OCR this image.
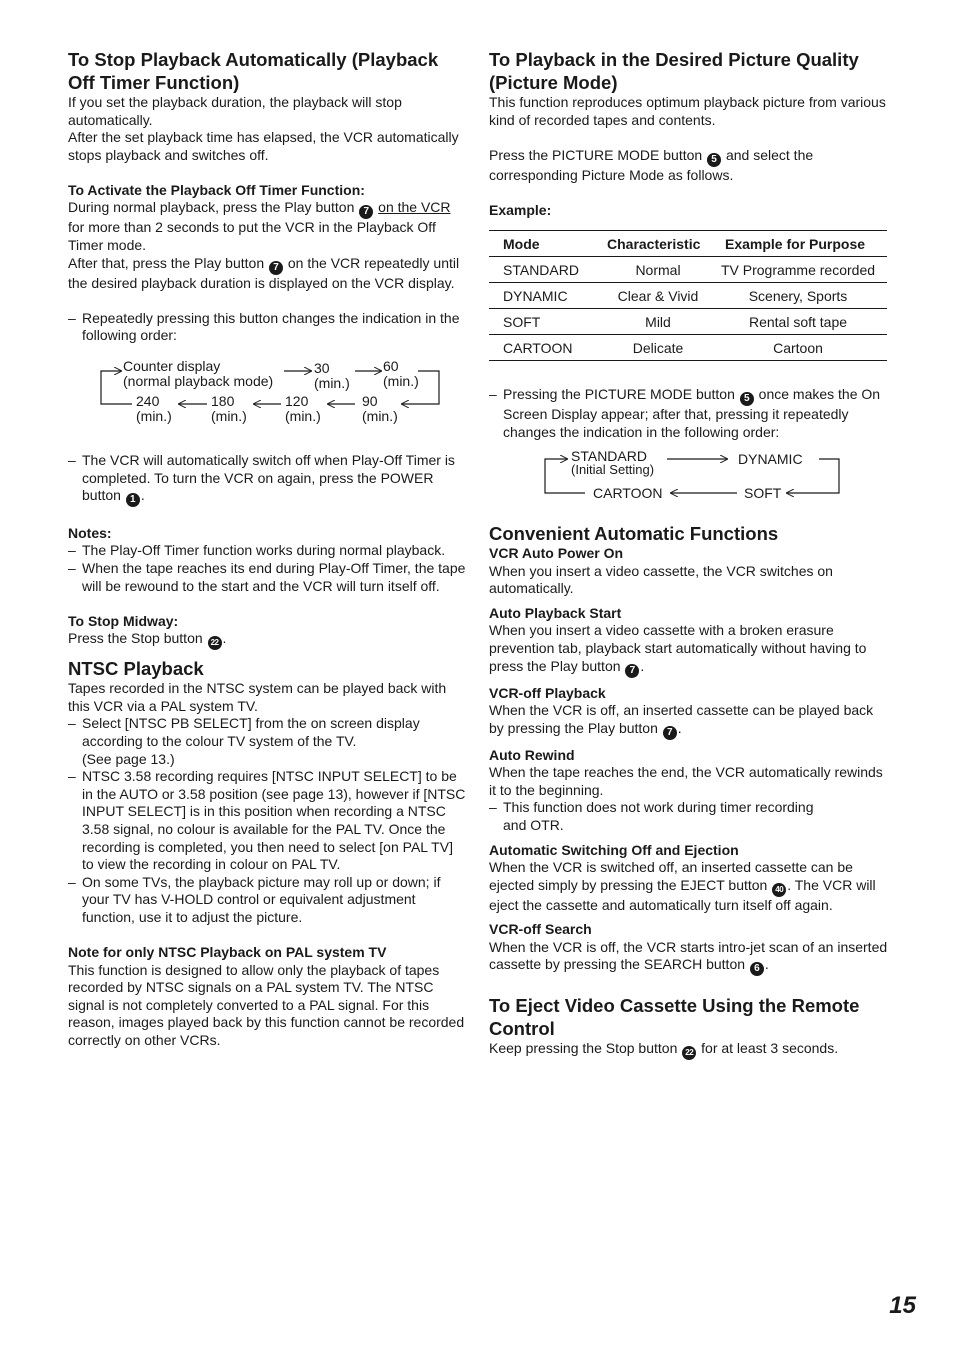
To Stop Playback Automatically (Playback Off Timer Function)

If you set the playback duration, the playback will stop automatically.

After the set playback time has elapsed, the VCR automatically stops playback and switches off.

To Activate the Playback Off Timer Function:

During normal playback, press the Play button 7 on the VCR for more than 2 seconds to put the VCR in the Playback Off Timer mode.

After that, press the Play button 7 on the VCR repeatedly until the desired playback duration is displayed on the VCR display.

– Repeatedly pressing this button changes the indication in the following order:
Counter display
(normal playback mode)
30
(min.)
60
(min.)
90
(min.)
120
(min.)
180
(min.)
240
(min.)
– The VCR will automatically switch off when Play-Off Timer is completed. To turn the VCR on again, press the POWER button 1 .
Notes:
– The Play-Off Timer function works during normal playback.
– When the tape reaches its end during Play-Off Timer, the tape will be rewound to the start and the VCR will turn itself off.
To Stop Midway:

Press the Stop button 22 .

NTSC Playback

Tapes recorded in the NTSC system can be played back with this VCR via a PAL system TV.

– Select [NTSC PB SELECT] from the on screen display according to the colour TV system of the TV.
(See page 13.)
– NTSC 3.58 recording requires [NTSC INPUT SELECT] to be in the AUTO or 3.58 position (see page 13), however if [NTSC INPUT SELECT] is in this position when recording a NTSC 3.58 signal, no colour is available for the PAL TV. Once the recording is completed, you then need to select [on PAL TV] to view the recording in colour on PAL TV.
– On some TVs, the playback picture may roll up or down; if your TV has V-HOLD control or equivalent adjustment function, use it to adjust the picture.
Note for only NTSC Playback on PAL system TV

This function is designed to allow only the playback of tapes recorded by NTSC signals on a PAL system TV. The NTSC signal is not completely converted to a PAL signal. For this reason, images played back by this function cannot be recorded correctly on other VCRs.

To Playback in the Desired Picture Quality (Picture Mode)

This function reproduces optimum playback picture from various kind of recorded tapes and contents.

Press the PICTURE MODE button 5 and select the corresponding Picture Mode as follows.

Example:
Mode	Characteristic	Example for Purpose
STANDARD	Normal	TV Programme recorded
DYNAMIC	Clear & Vivid	Scenery, Sports
SOFT	Mild	Rental soft tape
CARTOON	Delicate	Cartoon
– Pressing the PICTURE MODE button 5 once makes the On Screen Display appear; after that, pressing it repeatedly changes the indication in the following order:
STANDARD
(Initial Setting)
DYNAMIC
CARTOON	SOFT
Convenient Automatic Functions
VCR Auto Power On

When you insert a video cassette, the VCR switches on automatically.

Auto Playback Start

When you insert a video cassette with a broken erasure prevention tab, playback start automatically without having to press the Play button 7 .

VCR-off Playback

When the VCR is off, an inserted cassette can be played back by pressing the Play button 7 .

Auto Rewind

When the tape reaches the end, the VCR automatically rewinds it to the beginning.

– This function does not work during timer recording
and OTR.
Automatic Switching Off and Ejection

When the VCR is switched off, an inserted cassette can be ejected simply by pressing the EJECT button 40 . The VCR will eject the cassette and automatically turn itself off again.

VCR-off Search

When the VCR is off, the VCR starts intro-jet scan of an inserted cassette by pressing the SEARCH button 6 .

To Eject Video Cassette Using the Remote Control

Keep pressing the Stop button 22 for at least 3 seconds.

15
